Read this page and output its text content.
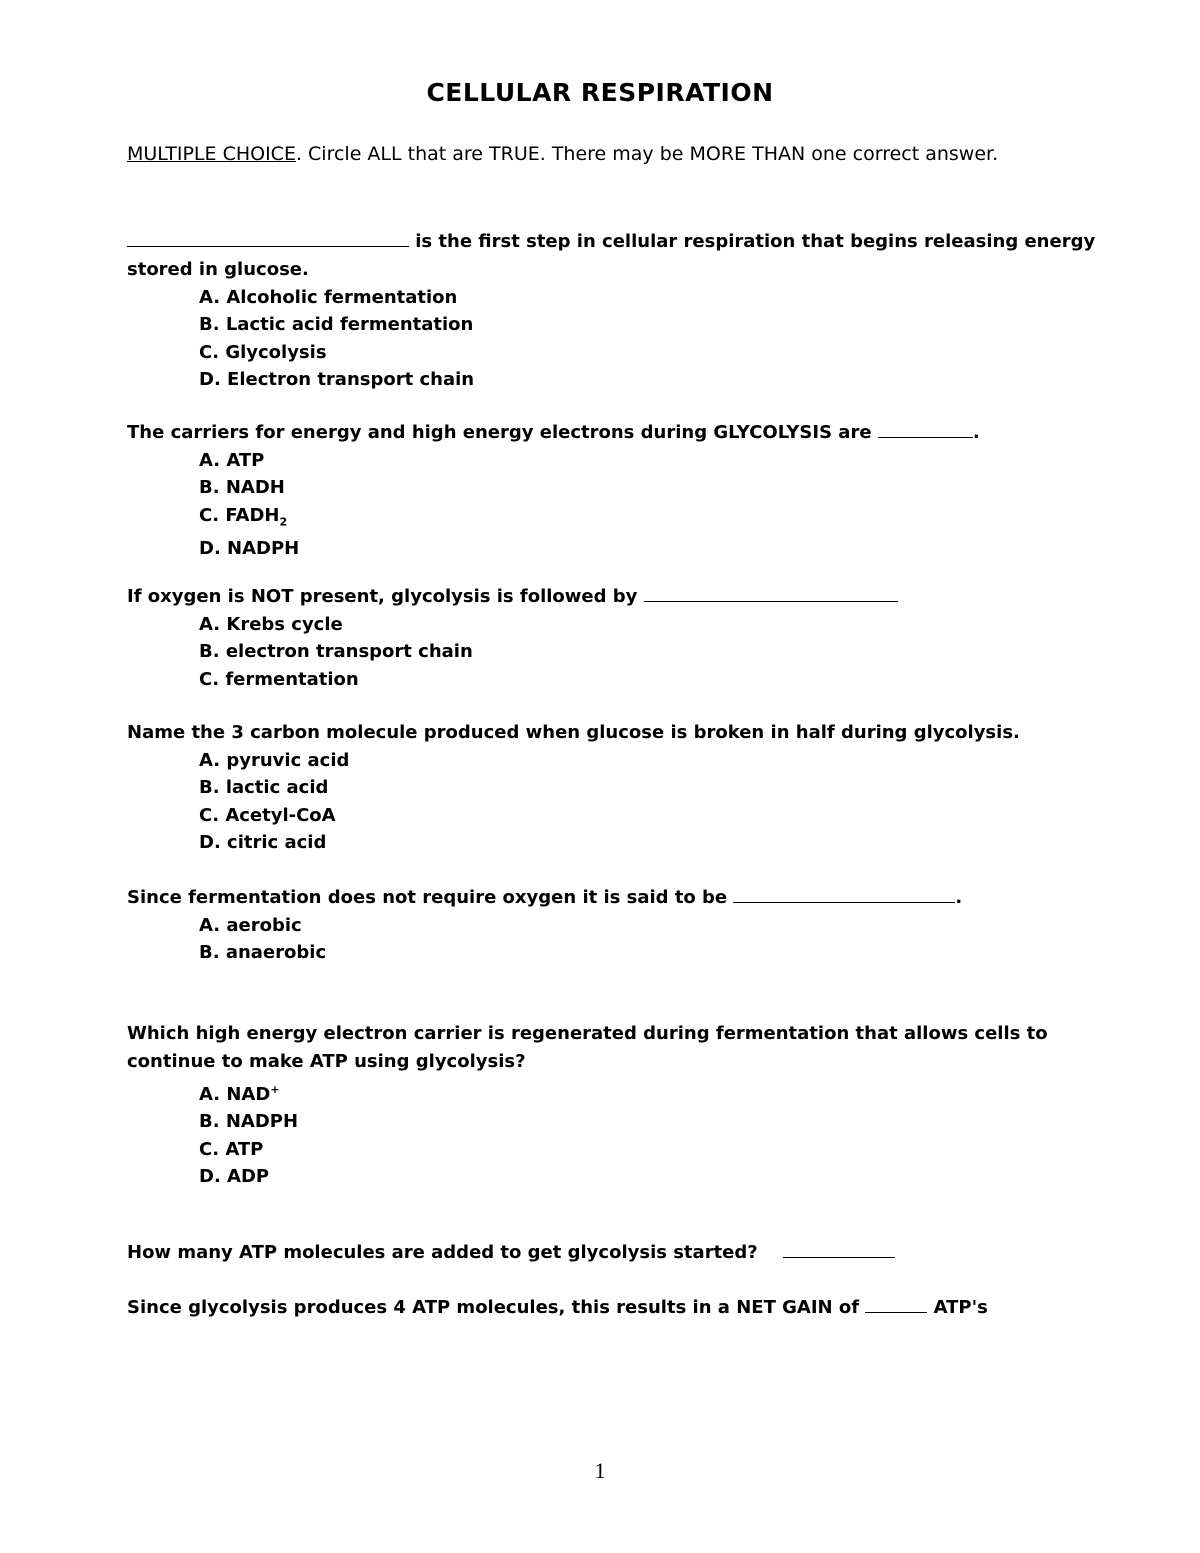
CELLULAR RESPIRATION
MULTIPLE CHOICE. Circle ALL that are TRUE. There may be MORE THAN one correct answer.
is the first step in cellular respiration that begins releasing energy stored in glucose.
A. Alcoholic fermentation
B. Lactic acid fermentation
C. Glycolysis
D. Electron transport chain
The carriers for energy and high energy electrons during GLYCOLYSIS are	.
A. ATP
B. NADH
C. $FADH_2$
D. NADPH
If oxygen is NOT present, glycolysis is followed by
A. Krebs cycle
B. electron transport chain
C. fermentation
Name the 3 carbon molecule produced when glucose is broken in half during glycolysis.
A. pyruvic acid
B. lactic acid
C. Acetyl-CoA
D. citric acid
Since fermentation does not require oxygen it is said to be	.
A. aerobic
B. anaerobic
Which high energy electron carrier is regenerated during fermentation that allows cells to continue to make ATP using glycolysis?
A. NAD+
B. NADPH
C. ATP
D. ADP
How many ATP molecules are added to get glycolysis started?
Since glycolysis produces 4 ATP molecules, this results in a NET GAIN of	ATP's
1
